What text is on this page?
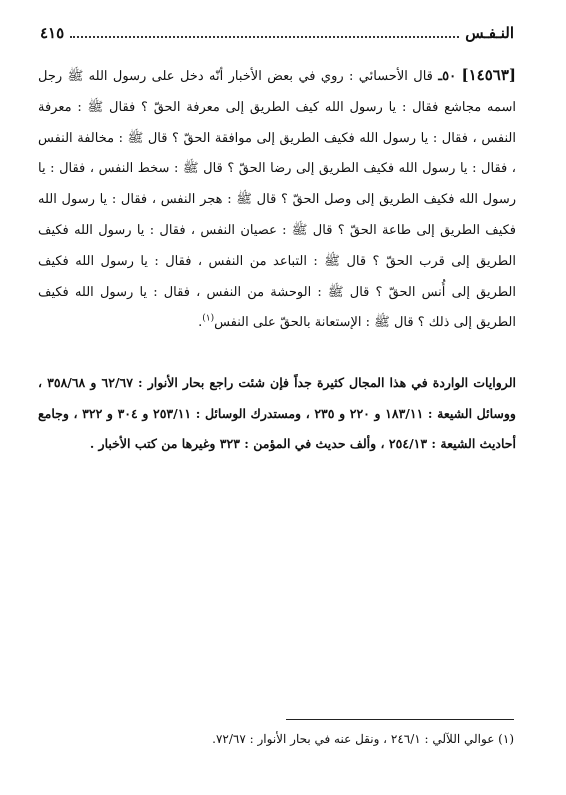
النـفـس
٤١٥
[١٤٥٦٣] ٥٠ـ قال الأحسائي : روي في بعض الأخبار أنّه دخل على رسول الله ﷺ رجل اسمه مجاشع فقال : يا رسول الله كيف الطريق إلى معرفة الحقّ ؟ فقال ﷺ : معرفة النفس ، فقال : يا رسول الله فكيف الطريق إلى موافقة الحقّ ؟ قال ﷺ : مخالفة النفس ، فقال : يا رسول الله فكيف الطريق إلى رضا الحقّ ؟ قال ﷺ : سخط النفس ، فقال : يا رسول الله فكيف الطريق إلى وصل الحقّ ؟ قال ﷺ : هجر النفس ، فقال : يا رسول الله فكيف الطريق إلى طاعة الحقّ ؟ قال ﷺ : عصيان النفس ، فقال : يا رسول الله فكيف الطريق إلى قرب الحقّ ؟ قال ﷺ : التباعد من النفس ، فقال : يا رسول الله فكيف الطريق إلى أُنس الحقّ ؟ قال ﷺ : الوحشة من النفس ، فقال : يا رسول الله فكيف الطريق إلى ذلك ؟ قال ﷺ : الإستعانة بالحقّ على النفس$^{(١)}$.
الروايات الواردة في هذا المجال كثيرة جداً فإن شئت راجع بحار الأنوار : ٦٢/٦٧ و ٣٥٨/٦٨ ، ووسائل الشيعة : ١٨٣/١١ و ٢٢٠ و ٢٣٥ ، ومستدرك الوسائل : ٢٥٣/١١ و ٣٠٤ و ٣٢٢ ، وجامع أحاديث الشيعة : ٢٥٤/١٣ ، وألف حديث في المؤمن : ٣٢٣ وغيرها من كتب الأخبار .
(١) عوالي اللآلي : ٢٤٦/١ ، ونقل عنه في بحار الأنوار : ٧٢/٦٧.
